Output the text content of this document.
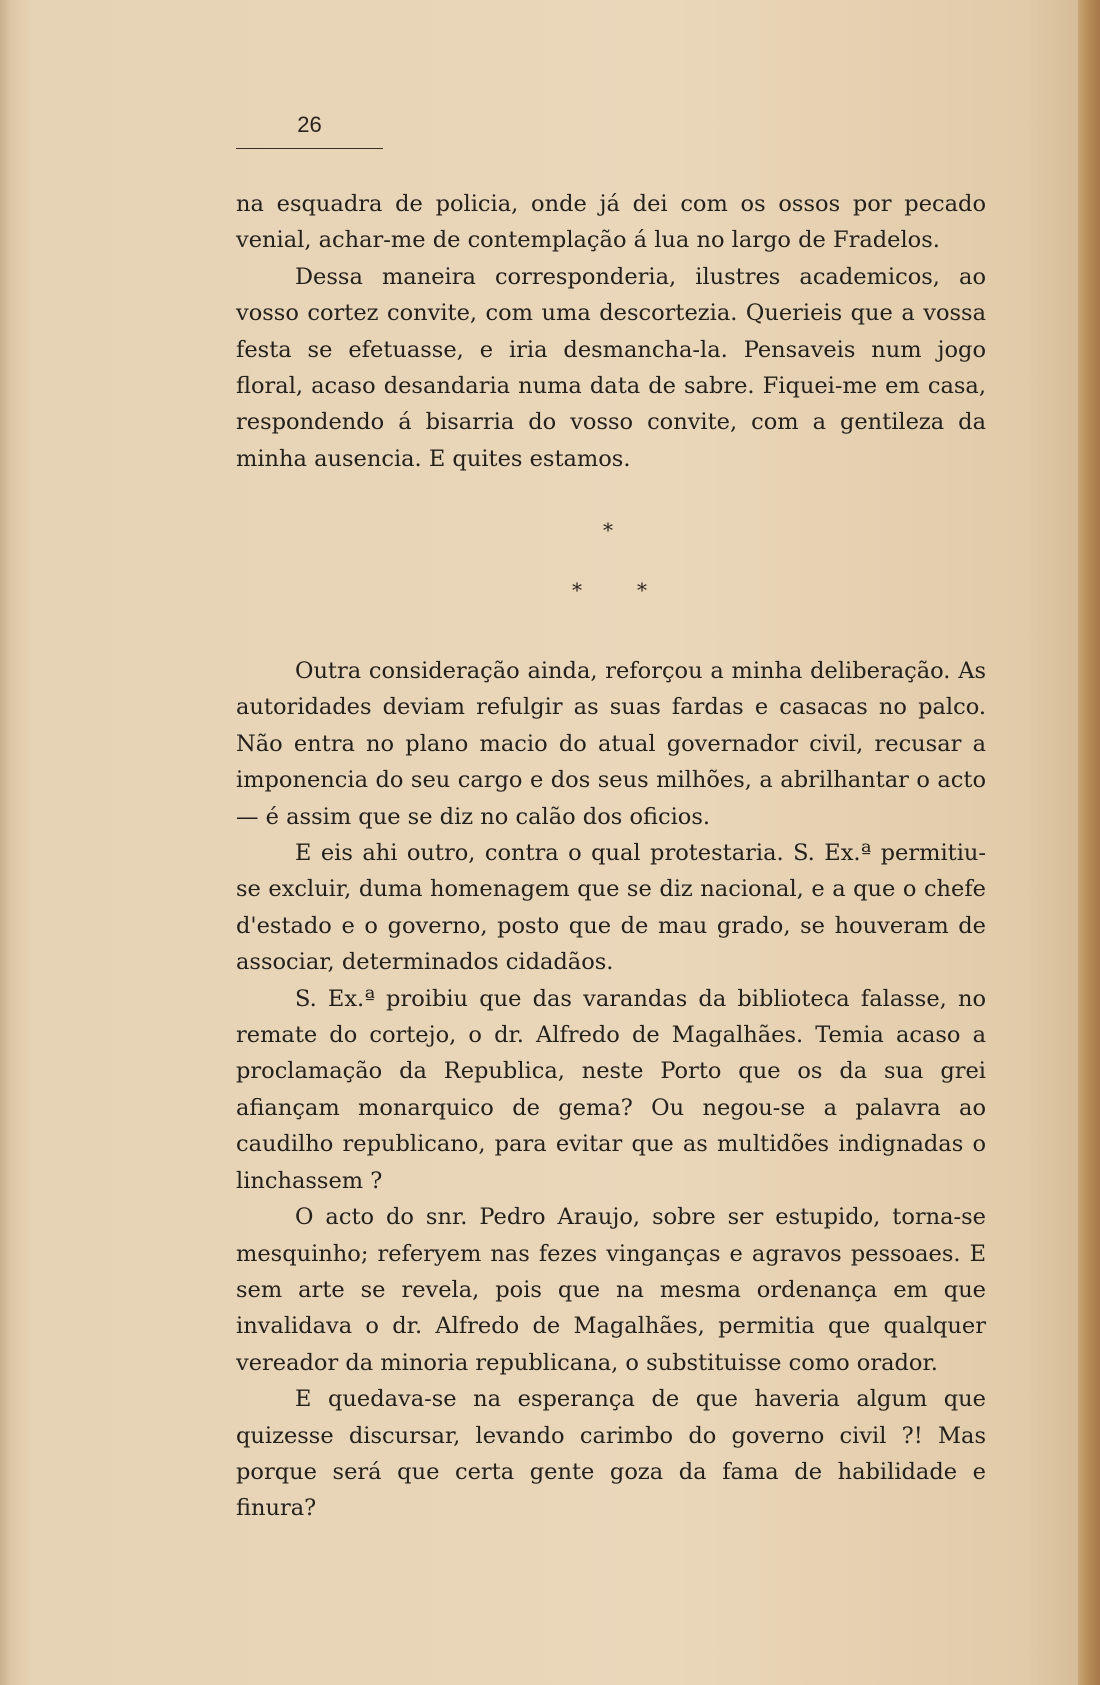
26

na esquadra de policia, onde já dei com os ossos por pecado venial, achar-me de contemplação á lua no largo de Fradelos.

Dessa maneira corresponderia, ilustres academicos, ao vosso cortez convite, com uma descortezia. Querieis que a vossa festa se efetuasse, e iria desmancha-la. Pensaveis num jogo floral, acaso desandaria numa data de sabre. Fiquei-me em casa, respondendo á bisarria do vosso convite, com a gentileza da minha ausencia. E quites estamos.

*
*	*

Outra consideração ainda, reforçou a minha deliberação. As autoridades deviam refulgir as suas fardas e casacas no palco. Não entra no plano macio do atual governador civil, recusar a imponencia do seu cargo e dos seus milhões, a abrilhantar o acto — é assim que se diz no calão dos oficios.

E eis ahi outro, contra o qual protestaria. S. Ex.ª permitiu-se excluir, duma homenagem que se diz nacional, e a que o chefe d'estado e o governo, posto que de mau grado, se houveram de associar, determinados cidadãos.

S. Ex.ª proibiu que das varandas da biblioteca falasse, no remate do cortejo, o dr. Alfredo de Magalhães. Temia acaso a proclamação da Republica, neste Porto que os da sua grei afiançam monarquico de gema? Ou negou-se a palavra ao caudilho republicano, para evitar que as multidões indignadas o linchassem ?

O acto do snr. Pedro Araujo, sobre ser estupido, torna-se mesquinho; referyem nas fezes vinganças e agravos pessoaes. E sem arte se revela, pois que na mesma ordenança em que invalidava o dr. Alfredo de Magalhães, permitia que qualquer vereador da minoria republicana, o substituisse como orador.

E quedava-se na esperança de que haveria algum que quizesse discursar, levando carimbo do governo civil ?! Mas porque será que certa gente goza da fama de habilidade e finura?
